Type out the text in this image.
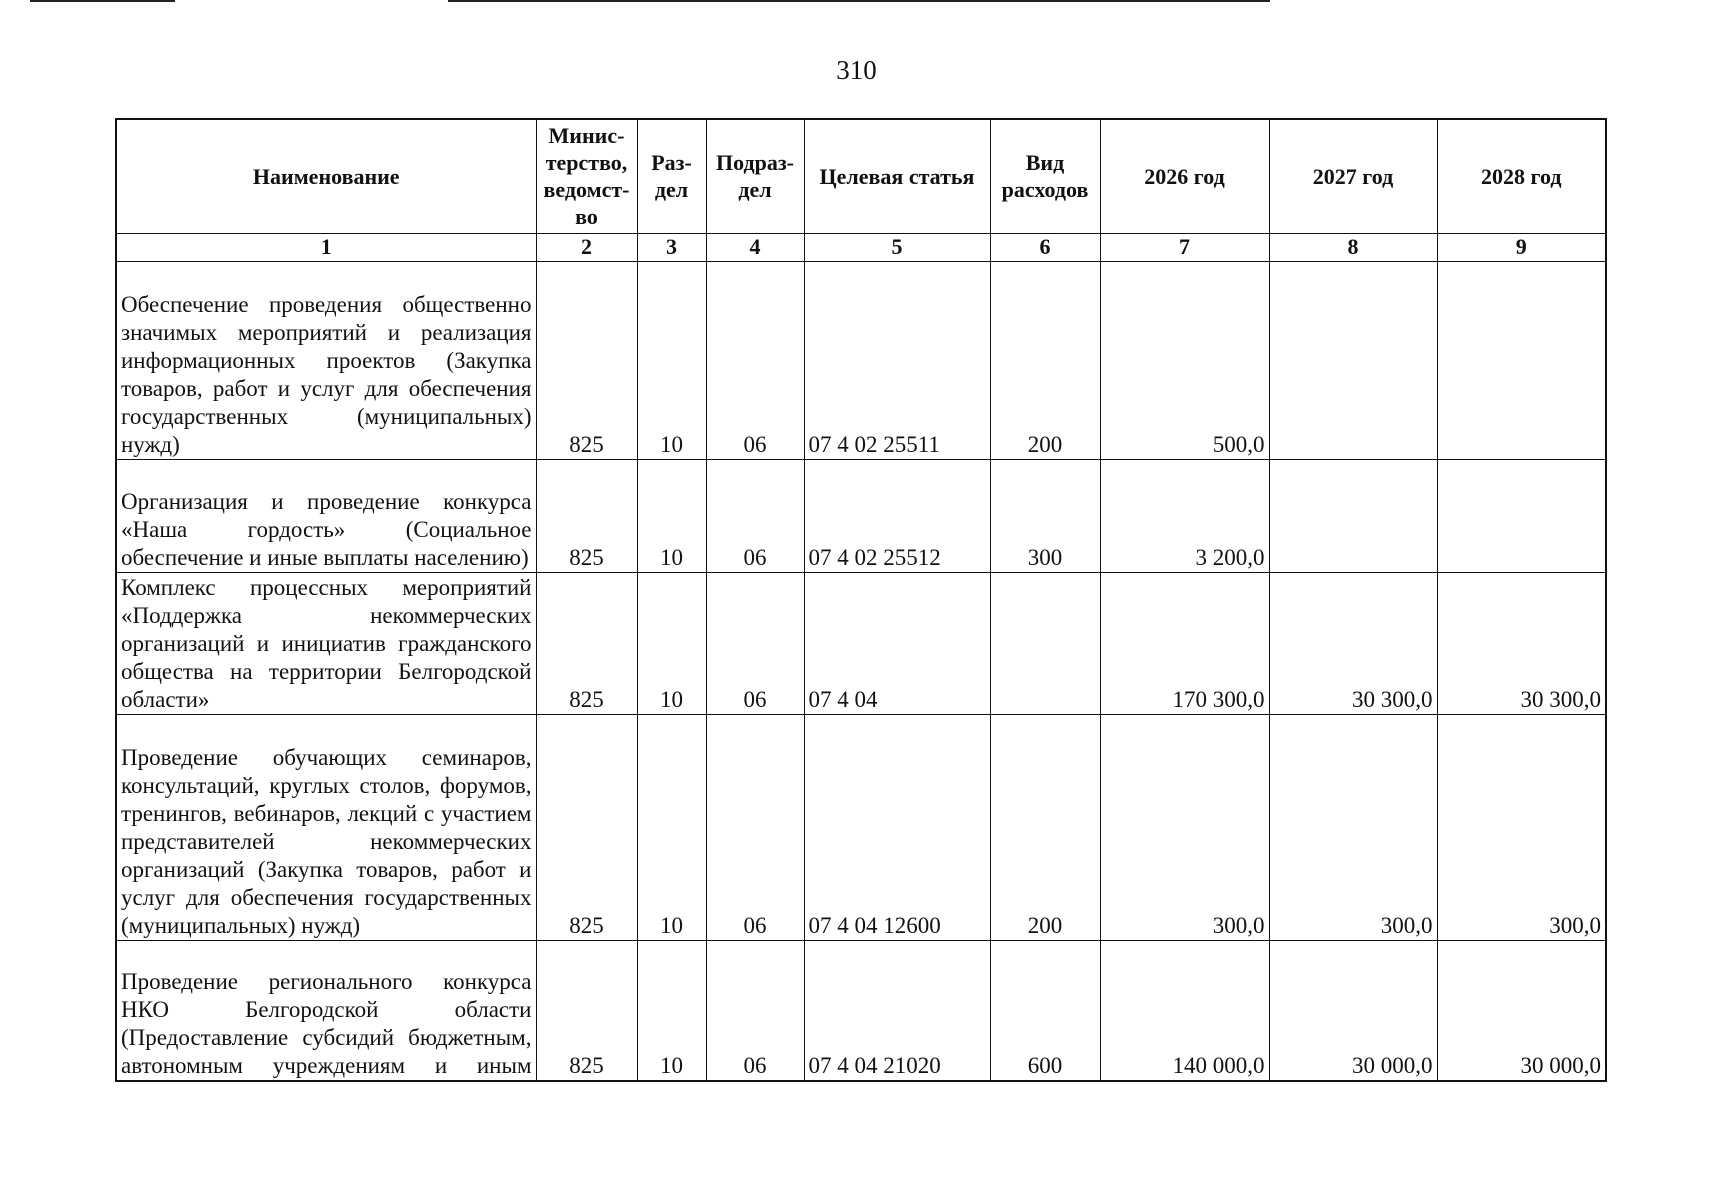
310
Наименование	Минис-терство, ведомст-во	Раз-дел	Подраз-дел	Целевая статья	Вид расходов	2026 год	2027 год	2028 год
1	2	3	4	5	6	7	8	9
Обеспечение проведения общественно значимых мероприятий и реализация информационных проектов (Закупка товаров, работ и услуг для обеспечения государственных (муниципальных) нужд)	825	10	06	07 4 02 25511	200	500,0		
Организация и проведение конкурса «Наша гордость» (Социальное обеспечение и иные выплаты населению)	825	10	06	07 4 02 25512	300	3 200,0		
Комплекс процессных мероприятий «Поддержка некоммерческих организаций и инициатив гражданского общества на территории Белгородской области»	825	10	06	07 4 04		170 300,0	30 300,0	30 300,0
Проведение обучающих семинаров, консультаций, круглых столов, форумов, тренингов, вебинаров, лекций с участием представителей некоммерческих организаций (Закупка товаров, работ и услуг для обеспечения государственных (муниципальных) нужд)	825	10	06	07 4 04 12600	200	300,0	300,0	300,0
Проведение регионального конкурса НКО Белгородской области (Предоставление субсидий бюджетным, автономным учреждениям и иным	825	10	06	07 4 04 21020	600	140 000,0	30 000,0	30 000,0
